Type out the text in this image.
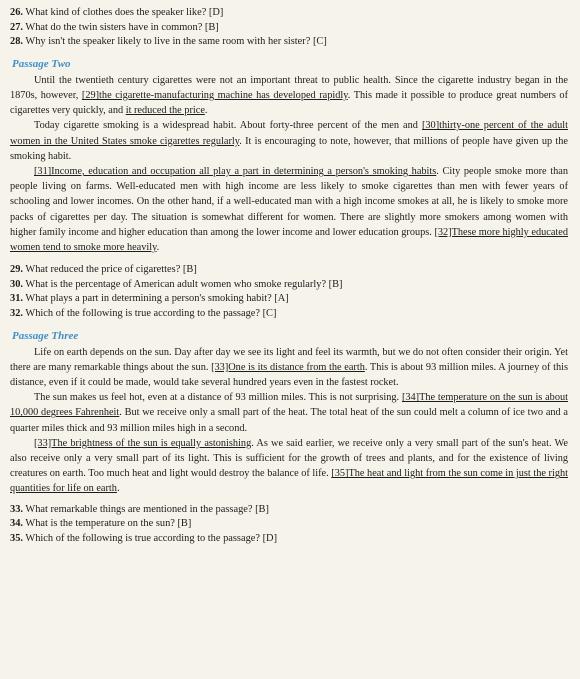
26. What kind of clothes does the speaker like? [D]
27. What do the twin sisters have in common? [B]
28. Why isn't the speaker likely to live in the same room with her sister? [C]
Passage Two

Until the twentieth century cigarettes were not an important threat to public health. Since the cigarette industry began in the 1870s, however, [29]the cigarette-manufacturing machine has developed rapidly. This made it possible to produce great numbers of cigarettes very quickly, and it reduced the price.

Today cigarette smoking is a widespread habit. About forty-three percent of the men and [30]thirty-one percent of the adult women in the United States smoke cigarettes regularly. It is encouraging to note, however, that millions of people have given up the smoking habit.

[31]Income, education and occupation all play a part in determining a person's smoking habits. City people smoke more than people living on farms. Well-educated men with high income are less likely to smoke cigarettes than men with fewer years of schooling and lower incomes. On the other hand, if a well-educated man with a high income smokes at all, he is likely to smoke more packs of cigarettes per day. The situation is somewhat different for women. There are slightly more smokers among women with higher family income and higher education than among the lower income and lower education groups. [32]These more highly educated women tend to smoke more heavily.

29. What reduced the price of cigarettes? [B]
30. What is the percentage of American adult women who smoke regularly? [B]
31. What plays a part in determining a person's smoking habit? [A]
32. Which of the following is true according to the passage? [C]
Passage Three

Life on earth depends on the sun. Day after day we see its light and feel its warmth, but we do not often consider their origin. Yet there are many remarkable things about the sun. [33]One is its distance from the earth. This is about 93 million miles. A journey of this distance, even if it could be made, would take several hundred years even in the fastest rocket.

The sun makes us feel hot, even at a distance of 93 million miles. This is not surprising. [34]The temperature on the sun is about 10,000 degrees Fahrenheit. But we receive only a small part of the heat. The total heat of the sun could melt a column of ice two and a quarter miles thick and 93 million miles high in a second.

[33]The brightness of the sun is equally astonishing. As we said earlier, we receive only a very small part of the sun's heat. We also receive only a very small part of its light. This is sufficient for the growth of trees and plants, and for the existence of living creatures on earth. Too much heat and light would destroy the balance of life. [35]The heat and light from the sun come in just the right quantities for life on earth.

33. What remarkable things are mentioned in the passage? [B]
34. What is the temperature on the sun? [B]
35. Which of the following is true according to the passage? [D]
